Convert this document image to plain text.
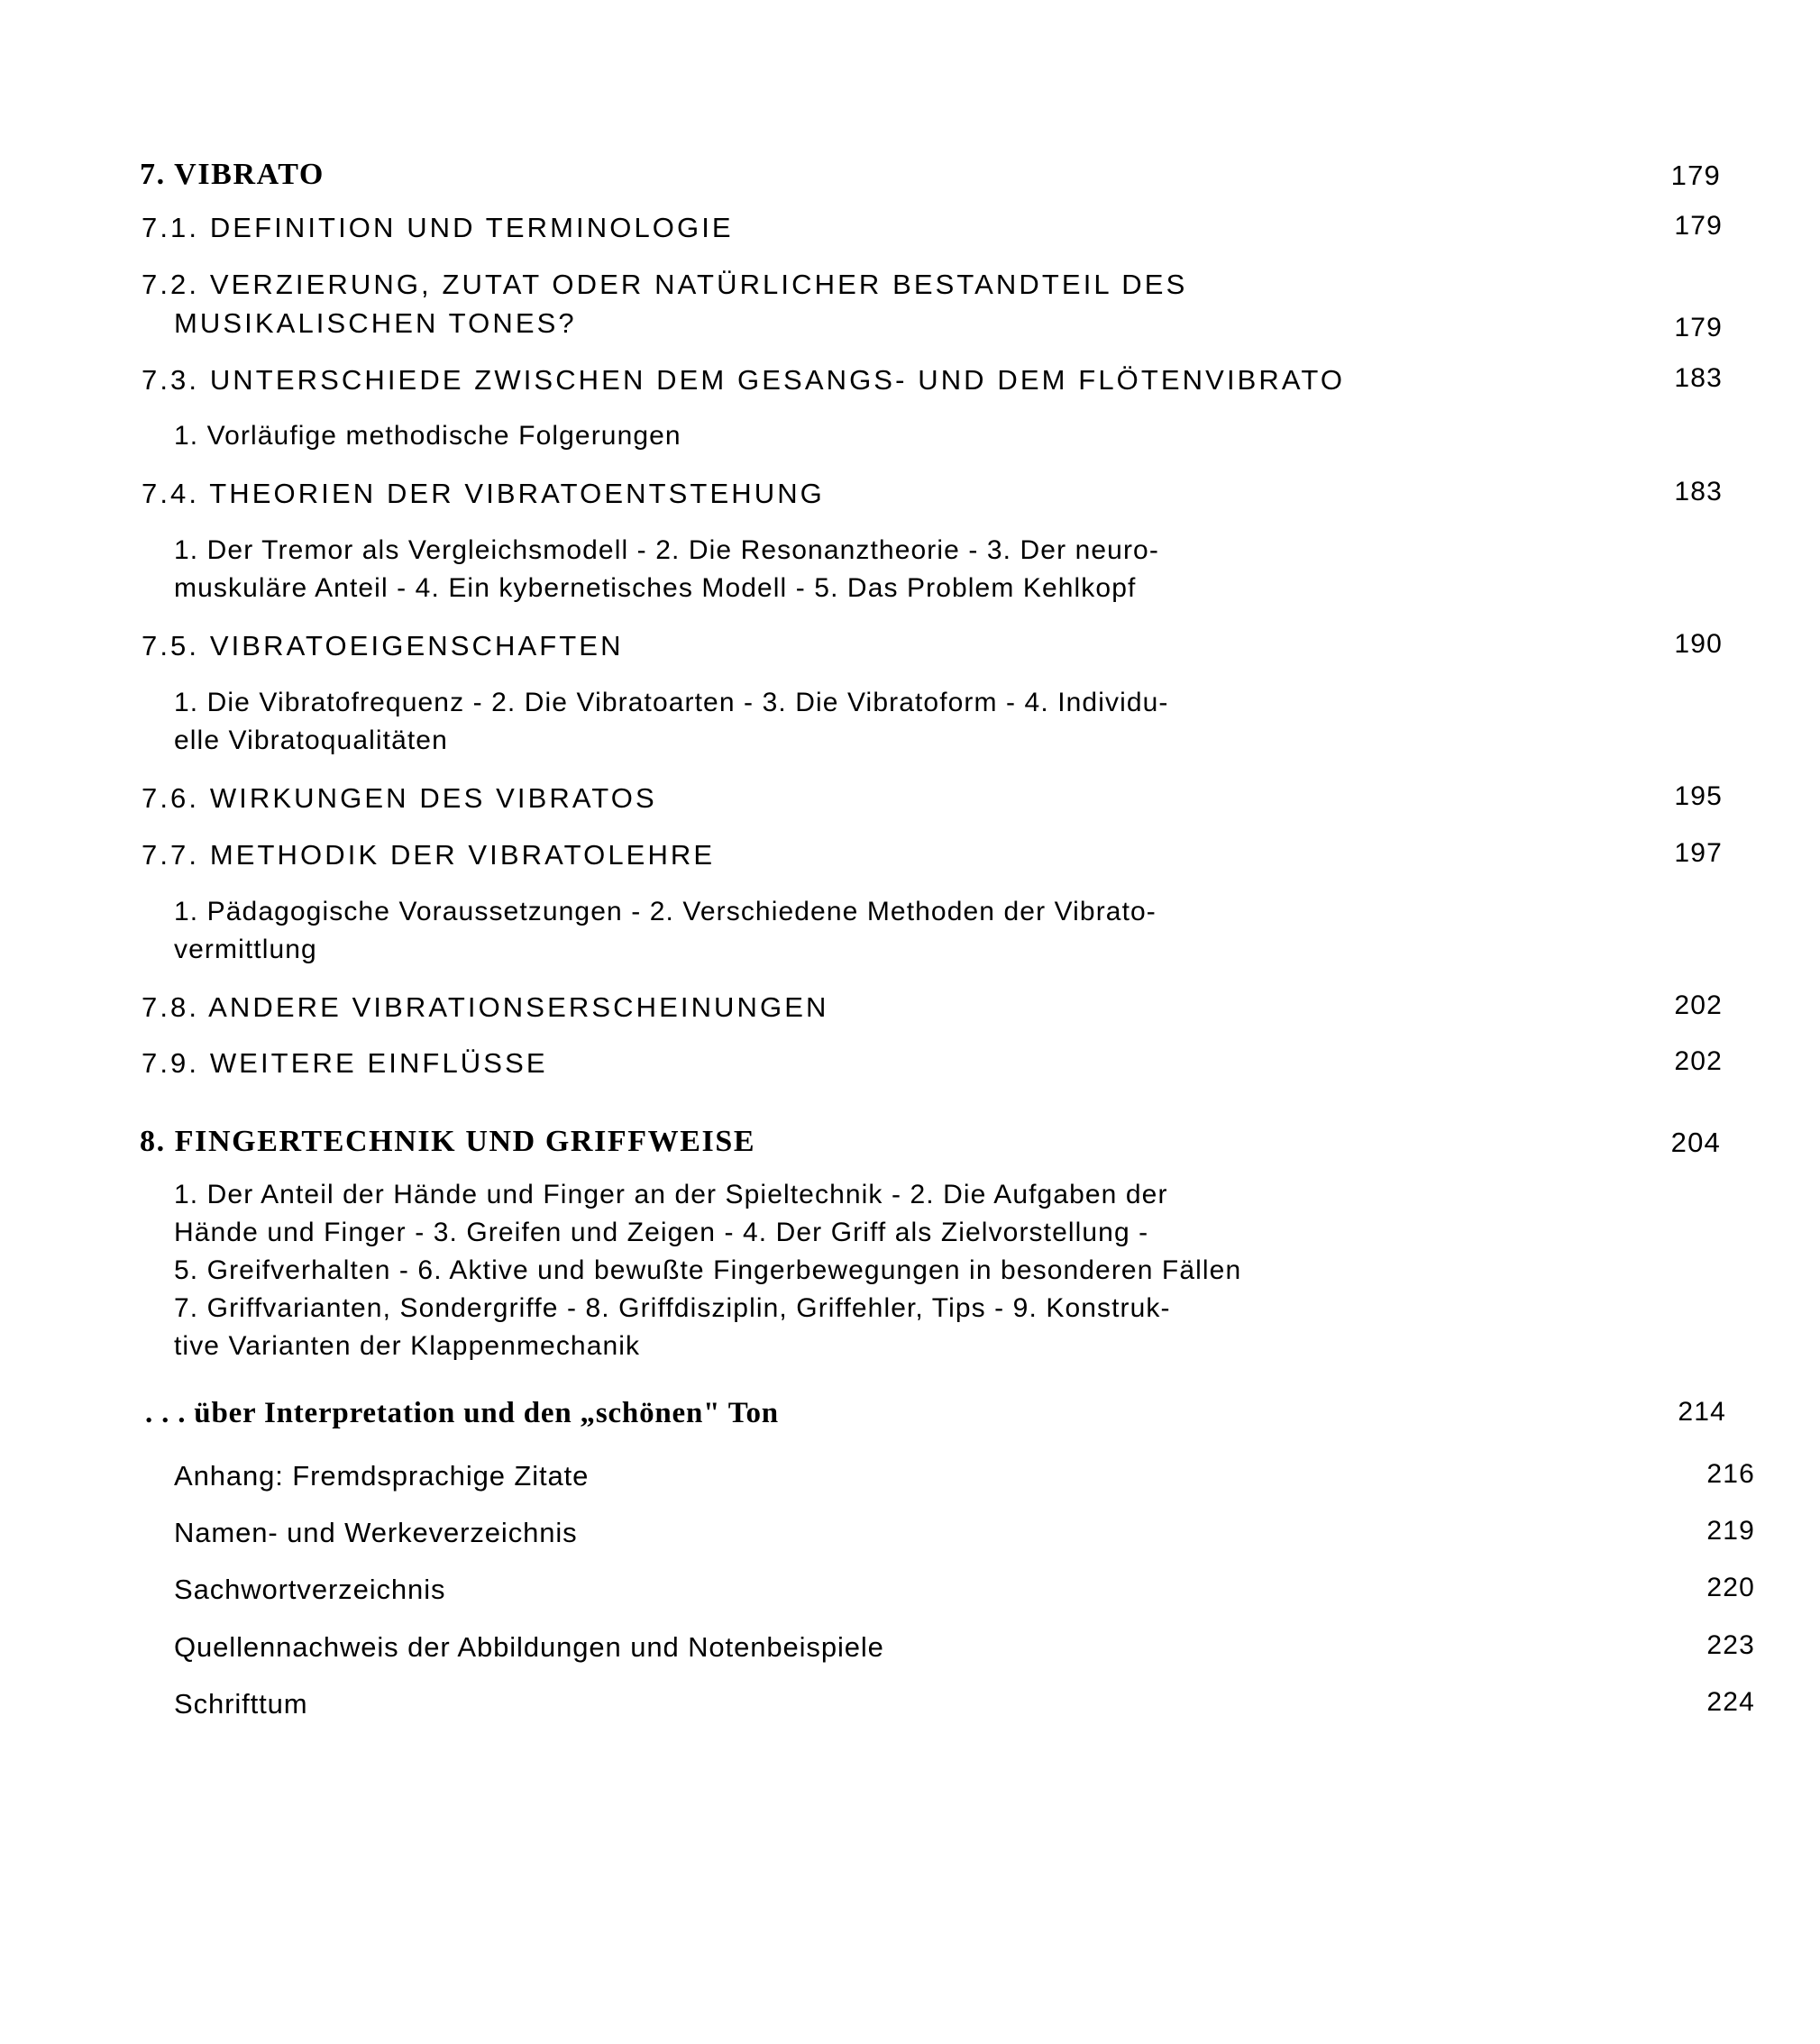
7. VIBRATO	179
7.1. DEFINITION UND TERMINOLOGIE	179
7.2. VERZIERUNG, ZUTAT ODER NATÜRLICHER BESTANDTEIL DES
MUSIKALISCHEN TONES?	179
7.3. UNTERSCHIEDE ZWISCHEN DEM GESANGS- UND DEM FLÖTENVIBRATO	183

1. Vorläufige methodische Folgerungen

7.4. THEORIEN DER VIBRATOENTSTEHUNG	183

1. Der Tremor als Vergleichsmodell - 2. Die Resonanztheorie - 3. Der neuro-
muskuläre Anteil - 4. Ein kybernetisches Modell - 5. Das Problem Kehlkopf

7.5. VIBRATOEIGENSCHAFTEN	190

1. Die Vibratofrequenz - 2. Die Vibratoarten - 3. Die Vibratoform - 4. Individu-
elle Vibratoqualitäten

7.6. WIRKUNGEN DES VIBRATOS	195
7.7. METHODIK DER VIBRATOLEHRE	197

1. Pädagogische Voraussetzungen - 2. Verschiedene Methoden der Vibrato-
vermittlung

7.8. ANDERE VIBRATIONSERSCHEINUNGEN	202
7.9. WEITERE EINFLÜSSE	202
8. FINGERTECHNIK UND GRIFFWEISE	204

1. Der Anteil der Hände und Finger an der Spieltechnik - 2. Die Aufgaben der
Hände und Finger - 3. Greifen und Zeigen - 4. Der Griff als Zielvorstellung -
5. Greifverhalten - 6. Aktive und bewußte Fingerbewegungen in besonderen Fällen
7. Griffvarianten, Sondergriffe - 8. Griffdisziplin, Griffehler, Tips - 9. Konstruk-
tive Varianten der Klappenmechanik

. . . über Interpretation und den „schönen" Ton	214
Anhang: Fremdsprachige Zitate	216
Namen- und Werkeverzeichnis	219
Sachwortverzeichnis	220
Quellennachweis der Abbildungen und Notenbeispiele	223
Schrifttum	224
